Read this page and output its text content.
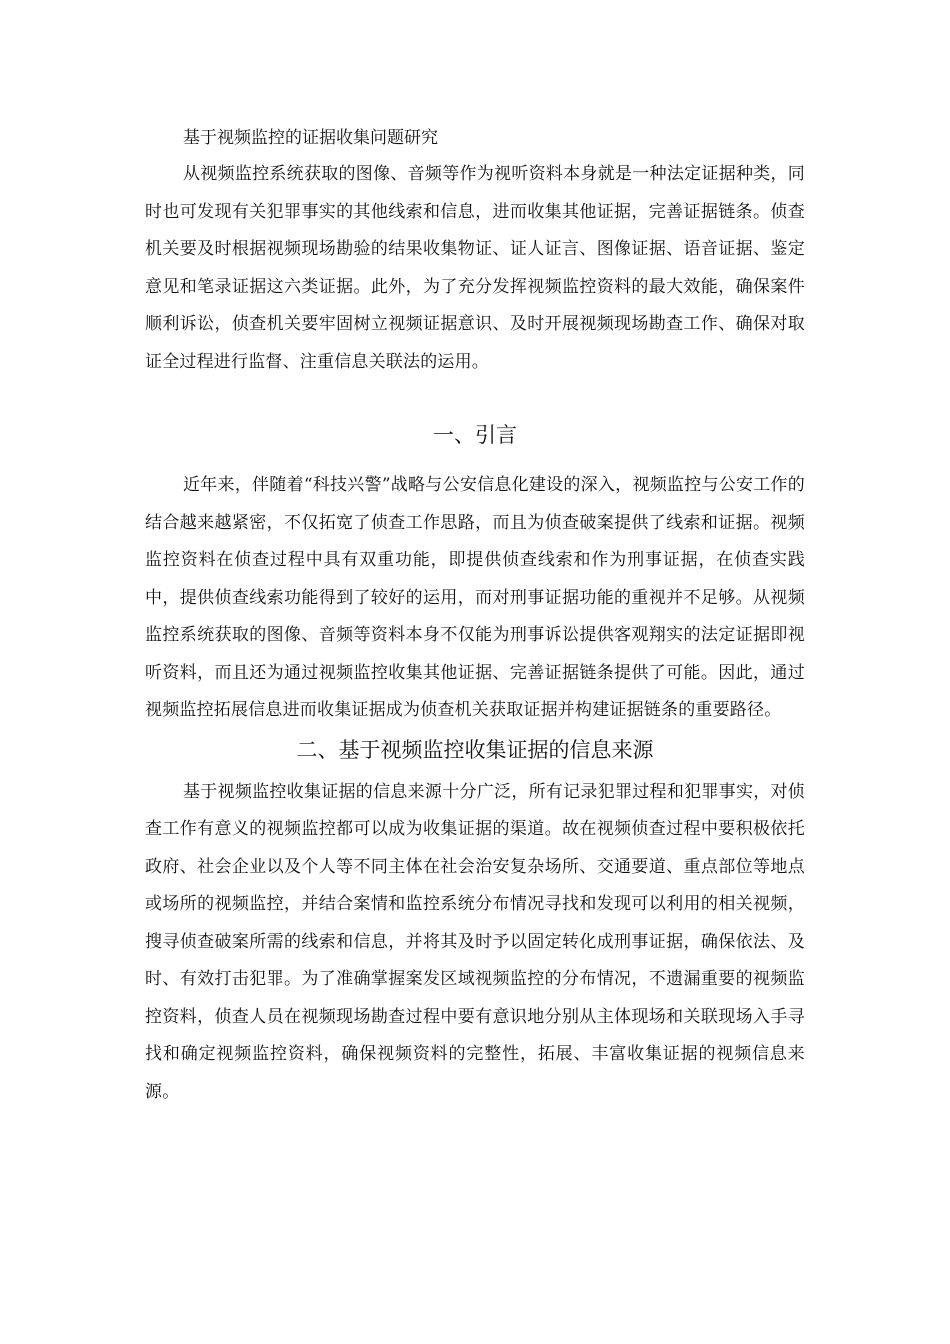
基于视频监控的证据收集问题研究

从视频监控系统获取的图像、音频等作为视听资料本身就是一种法定证据种类，同时也可发现有关犯罪事实的其他线索和信息，进而收集其他证据，完善证据链条。侦查机关要及时根据视频现场勘验的结果收集物证、证人证言、图像证据、语音证据、鉴定意见和笔录证据这六类证据。此外，为了充分发挥视频监控资料的最大效能，确保案件顺利诉讼，侦查机关要牢固树立视频证据意识、及时开展视频现场勘查工作、确保对取证全过程进行监督、注重信息关联法的运用。

一、引言

近年来，伴随着“科技兴警”战略与公安信息化建设的深入，视频监控与公安工作的结合越来越紧密，不仅拓宽了侦查工作思路，而且为侦查破案提供了线索和证据。视频监控资料在侦查过程中具有双重功能，即提供侦查线索和作为刑事证据，在侦查实践中，提供侦查线索功能得到了较好的运用，而对刑事证据功能的重视并不足够。从视频监控系统获取的图像、音频等资料本身不仅能为刑事诉讼提供客观翔实的法定证据即视听资料，而且还为通过视频监控收集其他证据、完善证据链条提供了可能。因此，通过视频监控拓展信息进而收集证据成为侦查机关获取证据并构建证据链条的重要路径。

二、基于视频监控收集证据的信息来源

基于视频监控收集证据的信息来源十分广泛，所有记录犯罪过程和犯罪事实，对侦查工作有意义的视频监控都可以成为收集证据的渠道。故在视频侦查过程中要积极依托政府、社会企业以及个人等不同主体在社会治安复杂场所、交通要道、重点部位等地点或场所的视频监控，并结合案情和监控系统分布情况寻找和发现可以利用的相关视频，搜寻侦查破案所需的线索和信息，并将其及时予以固定转化成刑事证据，确保依法、及时、有效打击犯罪。为了准确掌握案发区域视频监控的分布情况，不遗漏重要的视频监控资料，侦查人员在视频现场勘查过程中要有意识地分别从主体现场和关联现场入手寻找和确定视频监控资料，确保视频资料的完整性，拓展、丰富收集证据的视频信息来源。
